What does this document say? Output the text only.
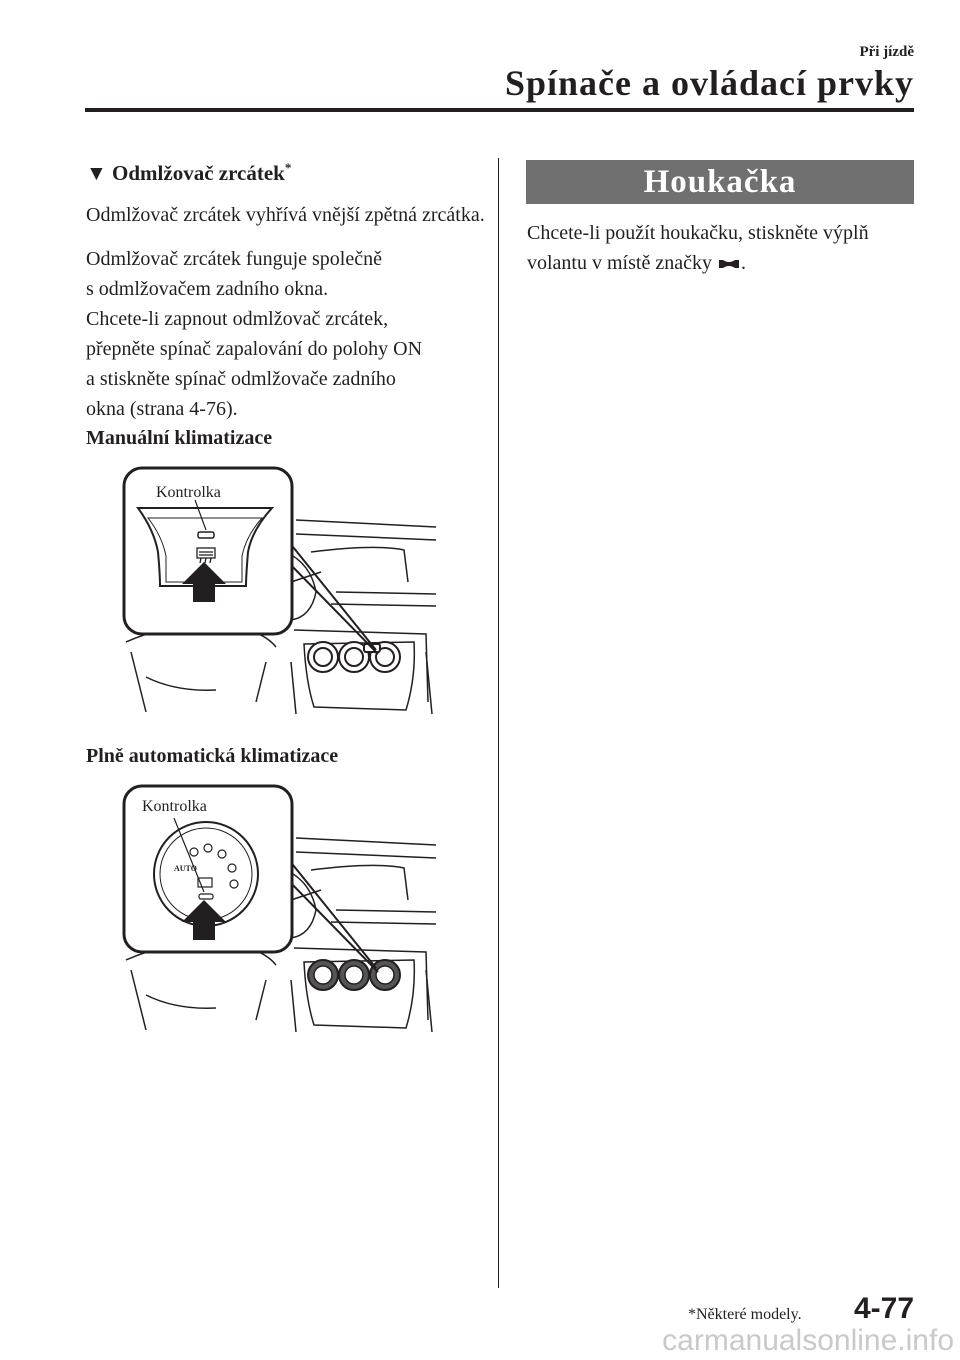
Při jízdě
Spínače a ovládací prvky

▼ Odmlžovač zrcátek*

Odmlžovač zrcátek vyhřívá vnější zpětná zrcátka.

Odmlžovač zrcátek funguje společně
s odmlžovačem zadního okna.
Chcete-li zapnout odmlžovač zrcátek,
přepněte spínač zapalování do polohy ON
a stiskněte spínač odmlžovače zadního
okna (strana 4-76).

Manuální klimatizace

Kontrolka

Plně automatická klimatizace

AUTO
Kontrolka
Houkačka

Chcete-li použít houkačku, stiskněte výplň volantu v místě značky .

*Některé modely. 4-77
carmanualsonline.info
